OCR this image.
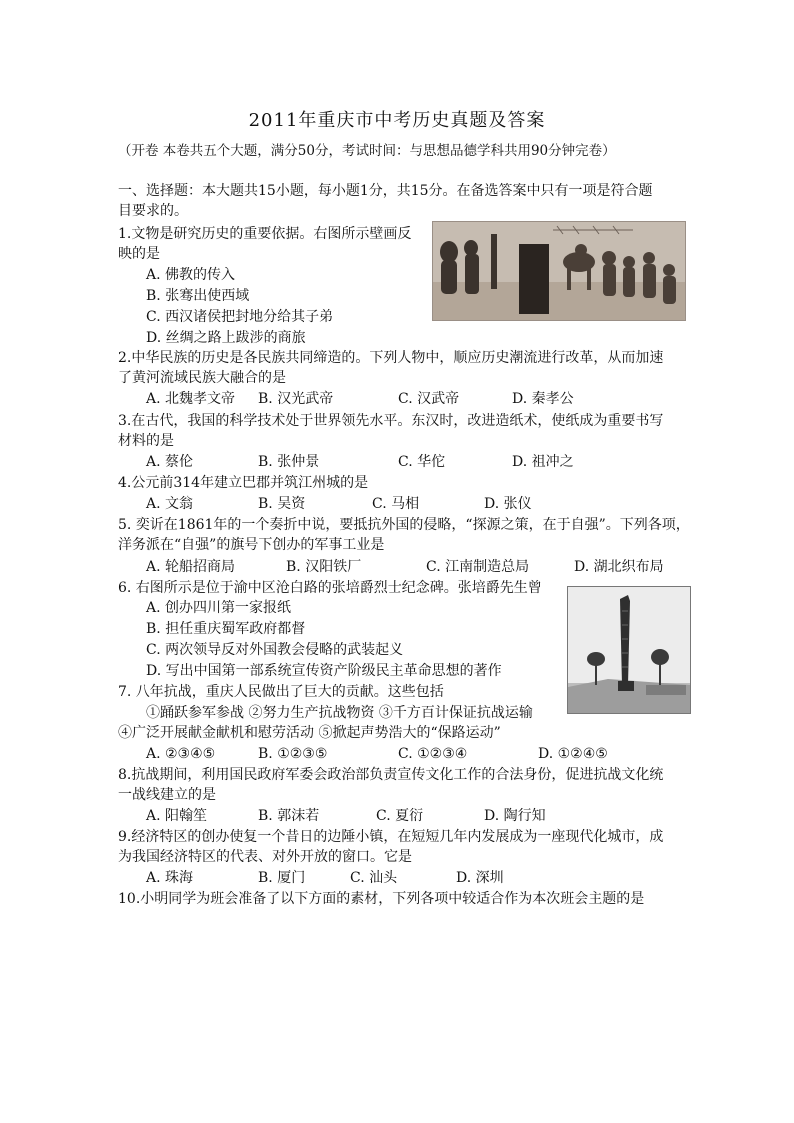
2011年重庆市中考历史真题及答案
（开卷 本卷共五个大题，满分50分，考试时间：与思想品德学科共用90分钟完卷）
一、选择题：本大题共15小题，每小题1分，共15分。在备选答案中只有一项是符合题
目要求的。
1.文物是研究历史的重要依据。右图所示壁画反
映的是
A. 佛教的传入
B. 张骞出使西域
C. 西汉诸侯把封地分给其子弟
D. 丝绸之路上跋涉的商旅
2.中华民族的历史是各民族共同缔造的。下列人物中，顺应历史潮流进行改革，从而加速
了黄河流域民族大融合的是
A. 北魏孝文帝 B. 汉光武帝	C. 汉武帝	D. 秦孝公
3.在古代，我国的科学技术处于世界领先水平。东汉时，改进造纸术，使纸成为重要书写
材料的是
A. 蔡伦	B. 张仲景	C. 华佗	D. 祖冲之
4.公元前314年建立巴郡并筑江州城的是
A. 文翁	B. 吴资	C. 马相	D. 张仪
5. 奕䜣在1861年的一个奏折中说，要抵抗外国的侵略，“探源之策，在于自强”。下列各项，
洋务派在“自强”的旗号下创办的军事工业是
A. 轮船招商局	B. 汉阳铁厂	C. 江南制造总局	D. 湖北织布局
6. 右图所示是位于渝中区沧白路的张培爵烈士纪念碑。张培爵先生曾
A. 创办四川第一家报纸
B. 担任重庆蜀军政府都督
C. 两次领导反对外国教会侵略的武装起义
D. 写出中国第一部系统宣传资产阶级民主革命思想的著作
7. 八年抗战，重庆人民做出了巨大的贡献。这些包括
①踊跃参军参战 ②努力生产抗战物资 ③千方百计保证抗战运输
④广泛开展献金献机和慰劳活动 ⑤掀起声势浩大的“保路运动”
A. ②③④⑤	B. ①②③⑤	C. ①②③④	D. ①②④⑤
8.抗战期间，利用国民政府军委会政治部负责宣传文化工作的合法身份，促进抗战文化统
一战线建立的是
A. 阳翰笙	B. 郭沫若	C. 夏衍	D. 陶行知
9.经济特区的创办使复一个昔日的边陲小镇，在短短几年内发展成为一座现代化城市，成
为我国经济特区的代表、对外开放的窗口。它是
A. 珠海	B. 厦门	C. 汕头	D. 深圳
10.小明同学为班会准备了以下方面的素材，下列各项中较适合作为本次班会主题的是
